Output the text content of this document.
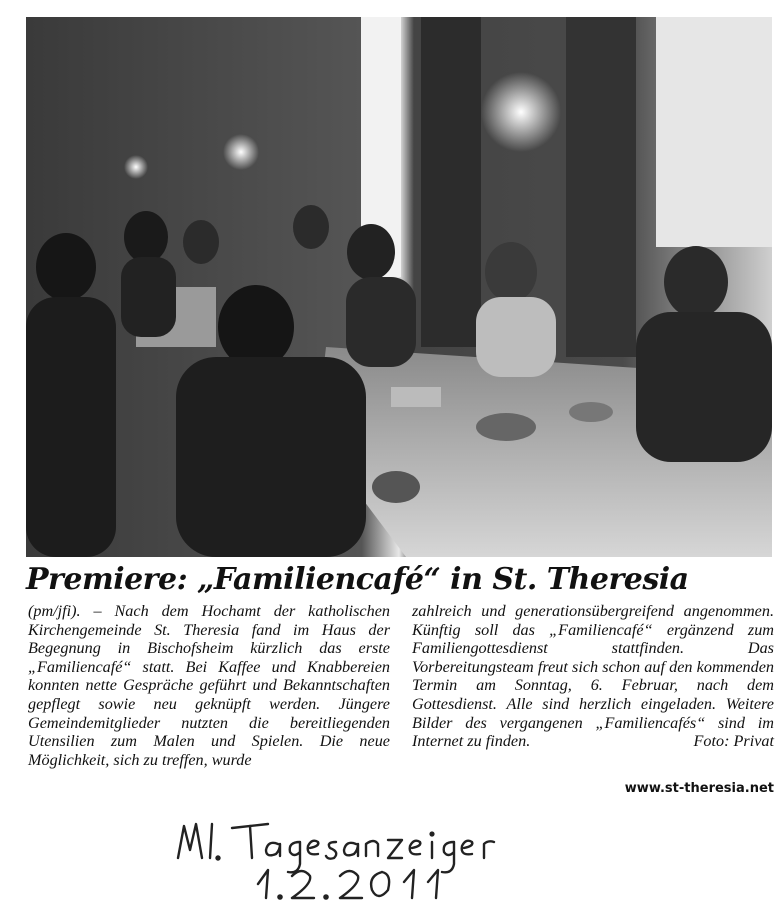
Premiere: „Familiencafé“ in St. Theresia

(pm/jfi). – Nach dem Hochamt der katholischen Kirchengemeinde St. Theresia fand im Haus der Begegnung in Bischofsheim kürzlich das erste „Familiencafé“ statt. Bei Kaffee und Knabbereien konnten nette Gespräche geführt und Bekanntschaften gepflegt sowie neu geknüpft werden. Jüngere Gemeindemitglieder nutzten die bereitliegenden Utensilien zum Malen und Spielen. Die neue Möglichkeit, sich zu treffen, wurde

zahlreich und generationsübergreifend angenommen. Künftig soll das „Familiencafé“ ergänzend zum Familiengottesdienst stattfinden. Das Vorbereitungsteam freut sich schon auf den kommenden Termin am Sonntag, 6. Februar, nach dem Gottesdienst. Alle sind herzlich eingeladen. Weitere Bilder des vergangenen „Familiencafés“ sind im Internet zu finden.	Foto: Privat

www.st-theresia.net
